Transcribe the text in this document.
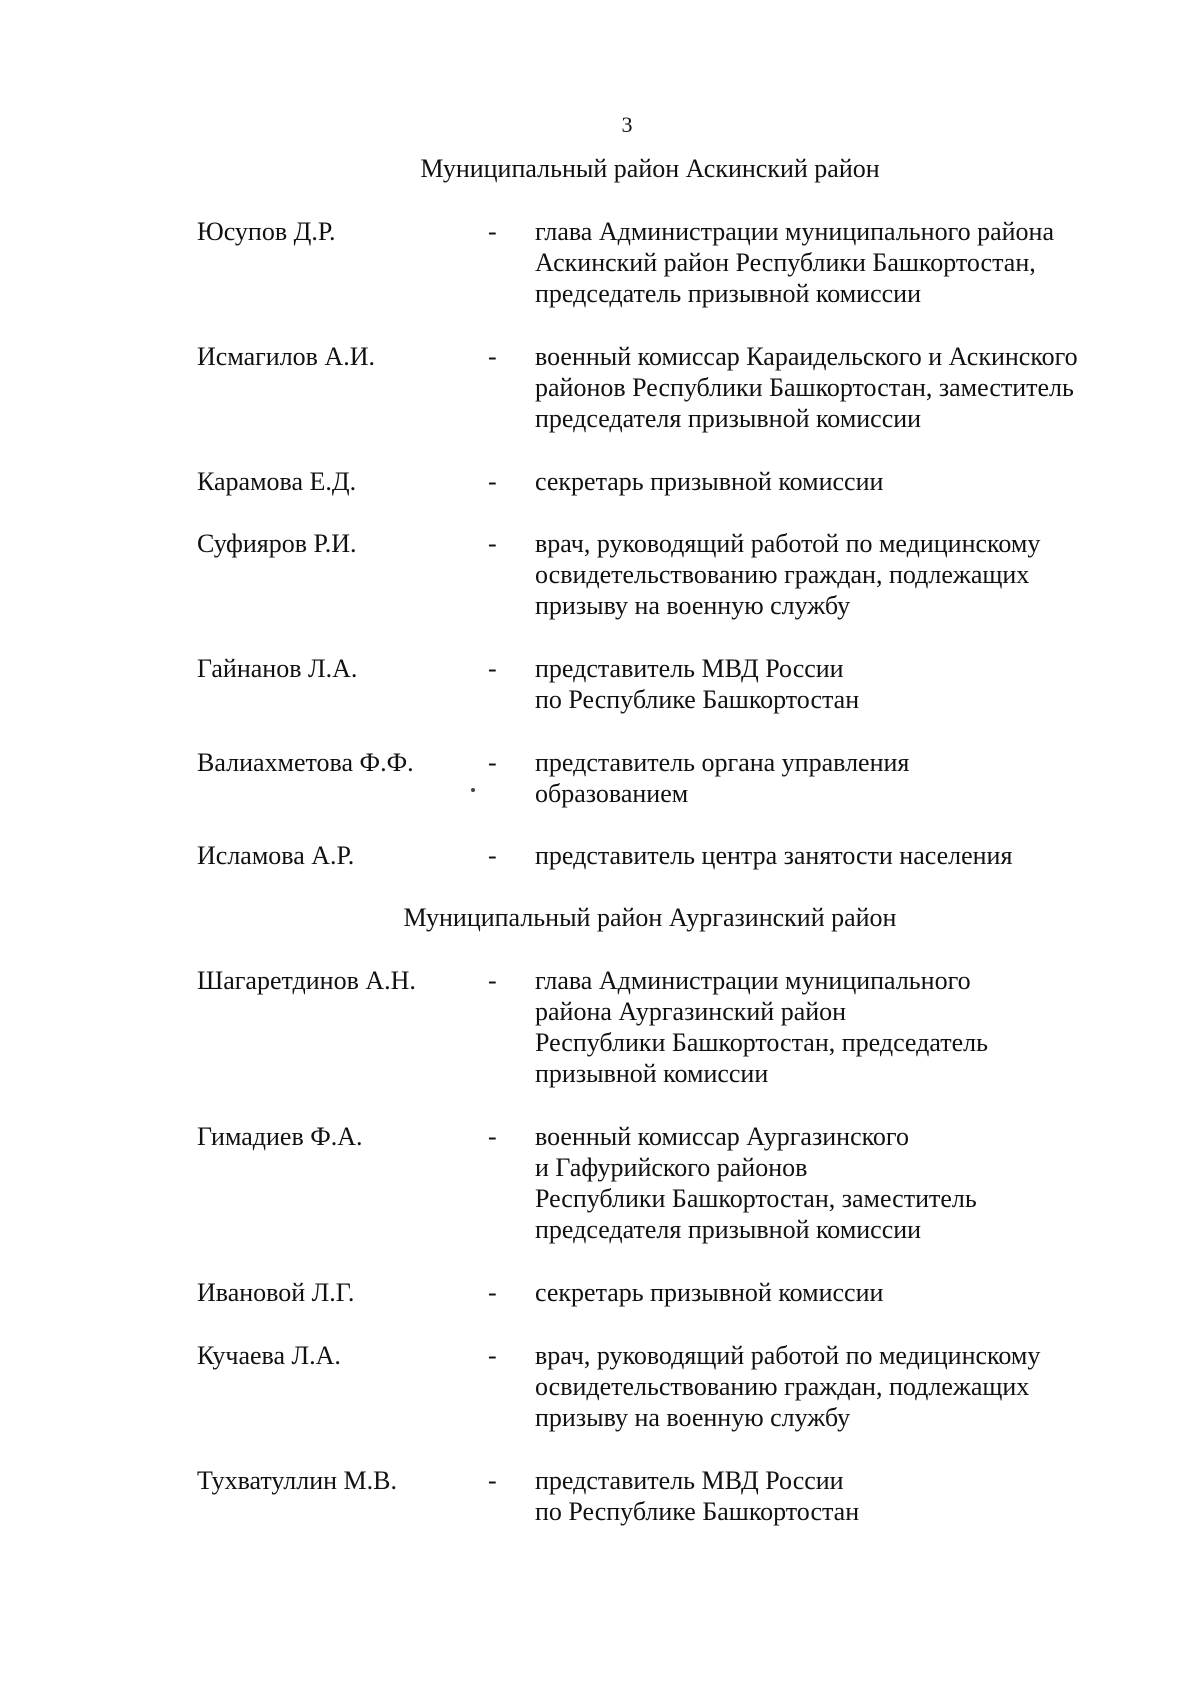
3
Муниципальный район Аскинский район
Юсупов Д.Р.	- глава Администрации муниципального района
Аскинский район Республики Башкортостан,
председатель призывной комиссии
Исмагилов А.И.	- военный комиссар Караидельского и Аскинского
районов Республики Башкортостан, заместитель
председателя призывной комиссии
Карамова Е.Д.	- секретарь призывной комиссии
Суфияров Р.И.	- врач, руководящий работой по медицинскому
освидетельствованию граждан, подлежащих
призыву на военную службу
Гайнанов Л.А.	- представитель МВД России
по Республике Башкортостан
Валиахметова Ф.Ф.	- представитель органа управления
образованием
Исламова А.Р.	- представитель центра занятости населения
Муниципальный район Аургазинский район
Шагаретдинов А.Н.	- глава Администрации муниципального
района Аургазинский район
Республики Башкортостан, председатель
призывной комиссии
Гимадиев Ф.А.	- военный комиссар Аургазинского
и Гафурийского районов
Республики Башкортостан, заместитель
председателя призывной комиссии
Ивановой Л.Г.	- секретарь призывной комиссии
Кучаева Л.А.	- врач, руководящий работой по медицинскому
освидетельствованию граждан, подлежащих
призыву на военную службу
Тухватуллин М.В.	- представитель МВД России
по Республике Башкортостан
